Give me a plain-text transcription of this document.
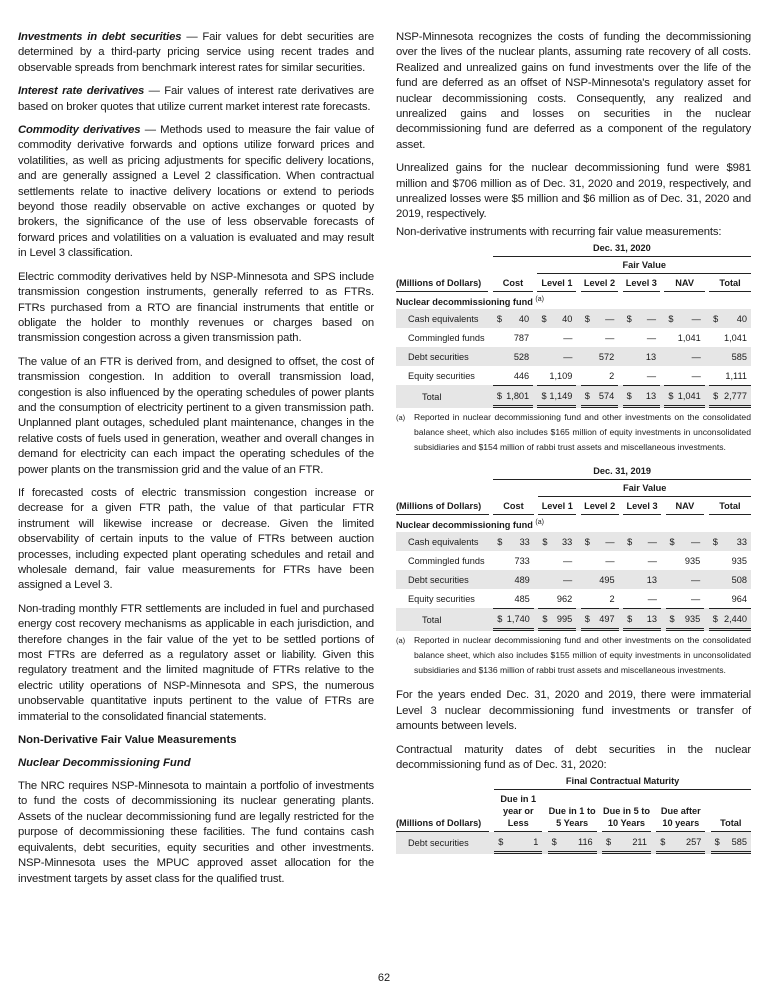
Investments in debt securities — Fair values for debt securities are determined by a third-party pricing service using recent trades and observable spreads from benchmark interest rates for similar securities.

Interest rate derivatives — Fair values of interest rate derivatives are based on broker quotes that utilize current market interest rate forecasts.

Commodity derivatives — Methods used to measure the fair value of commodity derivative forwards and options utilize forward prices and volatilities, as well as pricing adjustments for specific delivery locations, and are generally assigned a Level 2 classification. When contractual settlements relate to inactive delivery locations or extend to periods beyond those readily observable on active exchanges or quoted by brokers, the significance of the use of less observable forecasts of forward prices and volatilities on a valuation is evaluated and may result in Level 3 classification.

Electric commodity derivatives held by NSP-Minnesota and SPS include transmission congestion instruments, generally referred to as FTRs. FTRs purchased from a RTO are financial instruments that entitle or obligate the holder to monthly revenues or charges based on transmission congestion across a given transmission path.

The value of an FTR is derived from, and designed to offset, the cost of transmission congestion. In addition to overall transmission load, congestion is also influenced by the operating schedules of power plants and the consumption of electricity pertinent to a given transmission path. Unplanned plant outages, scheduled plant maintenance, changes in the relative costs of fuels used in generation, weather and overall changes in demand for electricity can each impact the operating schedules of the power plants on the transmission grid and the value of an FTR.

If forecasted costs of electric transmission congestion increase or decrease for a given FTR path, the value of that particular FTR instrument will likewise increase or decrease. Given the limited observability of certain inputs to the value of FTRs between auction processes, including expected plant operating schedules and retail and wholesale demand, fair value measurements for FTRs have been assigned a Level 3.

Non-trading monthly FTR settlements are included in fuel and purchased energy cost recovery mechanisms as applicable in each jurisdiction, and therefore changes in the fair value of the yet to be settled portions of most FTRs are deferred as a regulatory asset or liability. Given this regulatory treatment and the limited magnitude of FTRs relative to the electric utility operations of NSP-Minnesota and SPS, the numerous unobservable quantitative inputs pertinent to the value of FTRs are immaterial to the consolidated financial statements.

Non-Derivative Fair Value Measurements
Nuclear Decommissioning Fund

The NRC requires NSP-Minnesota to maintain a portfolio of investments to fund the costs of decommissioning its nuclear generating plants. Assets of the nuclear decommissioning fund are legally restricted for the purpose of decommissioning these facilities. The fund contains cash equivalents, debt securities, equity securities and other investments. NSP-Minnesota uses the MPUC approved asset allocation for the investment targets by asset class for the qualified trust.

NSP-Minnesota recognizes the costs of funding the decommissioning over the lives of the nuclear plants, assuming rate recovery of all costs. Realized and unrealized gains on fund investments over the life of the fund are deferred as an offset of NSP-Minnesota's regulatory asset for nuclear decommissioning costs. Consequently, any realized and unrealized gains and losses on securities in the nuclear decommissioning fund are deferred as a component of the regulatory asset.

Unrealized gains for the nuclear decommissioning fund were $981 million and $706 million as of Dec. 31, 2020 and 2019, respectively, and unrealized losses were $5 million and $6 million as of Dec. 31, 2020 and 2019, respectively.

Non-derivative instruments with recurring fair value measurements:

		Dec. 31, 2020																
					Fair Value													
(Millions of Dollars)		Cost			Level 1			Level 2			Level 3			NAV			Total	
Nuclear decommissioning fund $^{(a)}$
Cash equivalents		$	40		$	40		$	—		$	—		$	—		$	40
Commingled funds			787			—			—			—			1,041			1,041
Debt securities			528			—			572			13			—			585
Equity securities			446			1,109			2			—			—			1,111
Total		$	1,801		$	1,149		$	574		$	13		$	1,041		$	2,777
(a)	Reported in nuclear decommissioning fund and other investments on the consolidated balance sheet, which also includes $165 million of equity investments in unconsolidated subsidiaries and $154 million of rabbi trust assets and miscellaneous investments.
		Dec. 31, 2019																
					Fair Value													
(Millions of Dollars)		Cost			Level 1			Level 2			Level 3			NAV			Total	
Nuclear decommissioning fund $^{(a)}$
Cash equivalents		$	33		$	33		$	—		$	—		$	—		$	33
Commingled funds			733			—			—			—			935			935
Debt securities			489			—			495			13			—			508
Equity securities			485			962			2			—			—			964
Total		$	1,740		$	995		$	497		$	13		$	935		$	2,440
(a)	Reported in nuclear decommissioning fund and other investments on the consolidated balance sheet, which also includes $155 million of equity investments in unconsolidated subsidiaries and $136 million of rabbi trust assets and miscellaneous investments.

For the years ended Dec. 31, 2020 and 2019, there were immaterial Level 3 nuclear decommissioning fund investments or transfer of amounts between levels.

Contractual maturity dates of debt securities in the nuclear decommissioning fund as of Dec. 31, 2020:

		Final Contractual Maturity													
(Millions of Dollars)		Due in 1 year or Less			Due in 1 to 5 Years			Due in 5 to 10 Years			Due after 10 years			Total	
Debt securities		$	1		$	116		$	211		$	257		$	585
62
